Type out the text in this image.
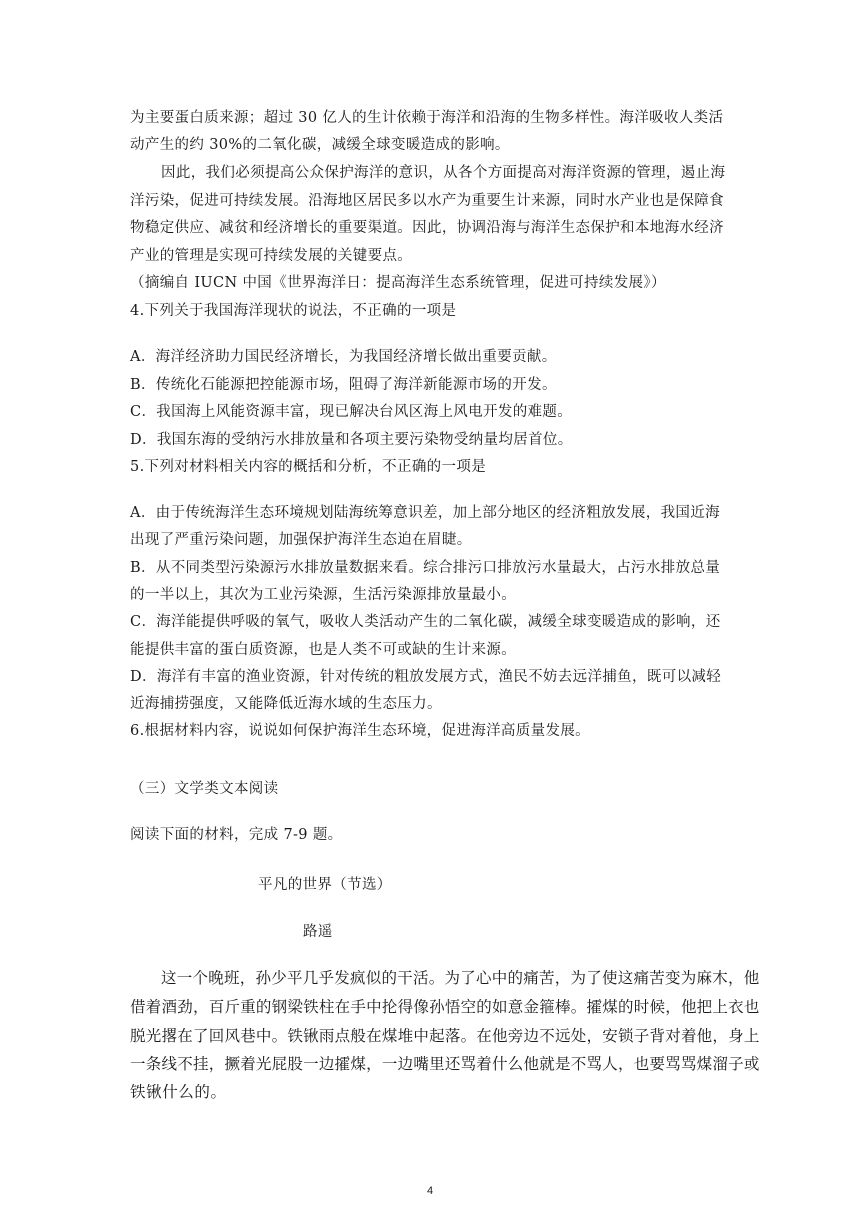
为主要蛋白质来源；超过 30 亿人的生计依赖于海洋和沿海的生物多样性。海洋吸收人类活
动产生的约 30%的二氧化碳，减缓全球变暖造成的影响。
因此，我们必须提高公众保护海洋的意识，从各个方面提高对海洋资源的管理，遏止海
洋污染，促进可持续发展。沿海地区居民多以水产为重要生计来源，同时水产业也是保障食
物稳定供应、减贫和经济增长的重要渠道。因此，协调沿海与海洋生态保护和本地海水经济
产业的管理是实现可持续发展的关键要点。
（摘编自 IUCN 中国《世界海洋日：提高海洋生态系统管理，促进可持续发展》）
4.下列关于我国海洋现状的说法，不正确的一项是
A．海洋经济助力国民经济增长，为我国经济增长做出重要贡献。
B．传统化石能源把控能源市场，阻碍了海洋新能源市场的开发。
C．我国海上风能资源丰富，现已解决台风区海上风电开发的难题。
D．我国东海的受纳污水排放量和各项主要污染物受纳量均居首位。
5.下列对材料相关内容的概括和分析，不正确的一项是
A．由于传统海洋生态环境规划陆海统筹意识差，加上部分地区的经济粗放发展，我国近海
出现了严重污染问题，加强保护海洋生态迫在眉睫。
B．从不同类型污染源污水排放量数据来看。综合排污口排放污水量最大，占污水排放总量
的一半以上，其次为工业污染源，生活污染源排放量最小。
C．海洋能提供呼吸的氧气，吸收人类活动产生的二氧化碳，减缓全球变暖造成的影响，还
能提供丰富的蛋白质资源，也是人类不可或缺的生计来源。
D．海洋有丰富的渔业资源，针对传统的粗放发展方式，渔民不妨去远洋捕鱼，既可以减轻
近海捕捞强度，又能降低近海水域的生态压力。
6.根据材料内容，说说如何保护海洋生态环境，促进海洋高质量发展。
（三）文学类文本阅读
阅读下面的材料，完成 7-9 题。
平凡的世界（节选）
路遥
这一个晚班，孙少平几乎发疯似的干活。为了心中的痛苦，为了使这痛苦变为麻木，他
借着酒劲，百斤重的钢梁铁柱在手中抡得像孙悟空的如意金箍棒。攉煤的时候，他把上衣也
脱光撂在了回风巷中。铁锹雨点般在煤堆中起落。在他旁边不远处，安锁子背对着他，身上
一条线不挂，撅着光屁股一边攉煤，一边嘴里还骂着什么他就是不骂人，也要骂骂煤溜子或
铁锹什么的。
4
